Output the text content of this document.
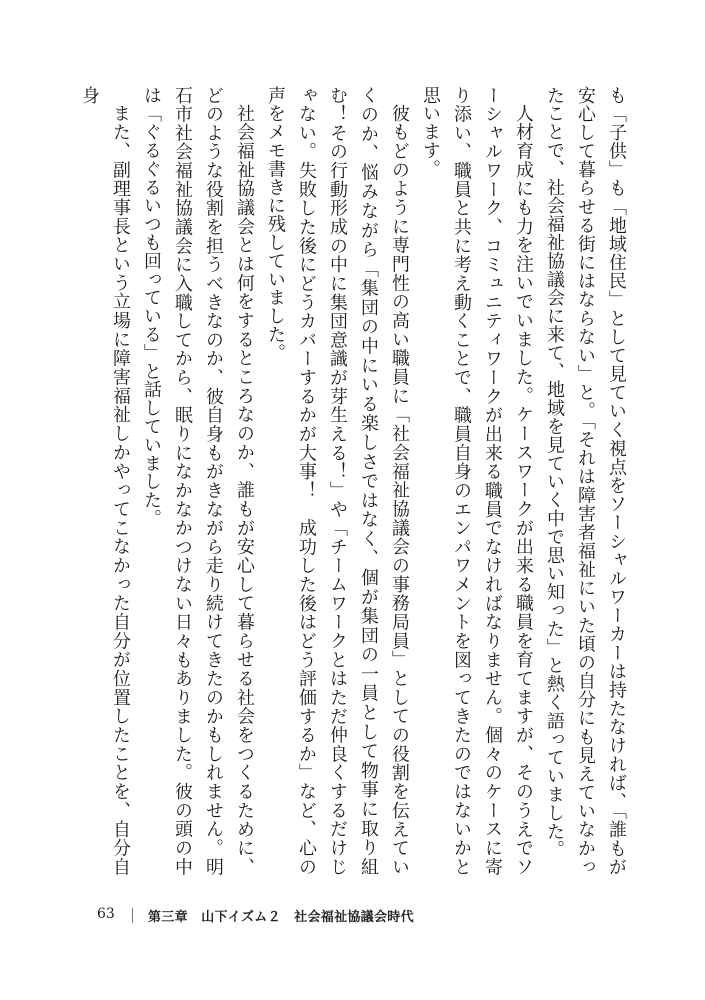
も「子供」も「地域住民」として見ていく視点をソーシャルワーカーは持たなければ、「誰もが安心して暮らせる街にはならない」と。「それは障害者福祉にいた頃の自分にも見えていなかったことで、社会福祉協議会に来て、地域を見ていく中で思い知った」と熱く語っていました。

人材育成にも力を注いでいました。ケースワークが出来る職員を育てますが、そのうえでソーシャルワーク、コミュニティワークが出来る職員でなければなりません。個々のケースに寄り添い、職員と共に考え動くことで、職員自身のエンパワメントを図ってきたのではないかと思います。

彼もどのように専門性の高い職員に「社会福祉協議会の事務局員」としての役割を伝えていくのか、悩みながら「集団の中にいる楽しさではなく、個が集団の一員として物事に取り組む！その行動形成の中に集団意識が芽生える！」や「チームワークとはただ仲良くするだけじゃない。失敗した後にどうカバーするかが大事！　成功した後はどう評価するか」など、心の声をメモ書きに残していました。

社会福祉協議会とは何をするところなのか、誰もが安心して暮らせる社会をつくるために、どのような役割を担うべきなのか、彼自身もがきながら走り続けてきたのかもしれません。明石市社会福祉協議会に入職してから、眠りになかなかつけない日々もありました。彼の頭の中は「ぐるぐるいつも回っている」と話していました。

また、副理事長という立場に障害福祉しかやってこなかった自分が位置したことを、自分自身

63	第三章　山下イズム２　社会福祉協議会時代
